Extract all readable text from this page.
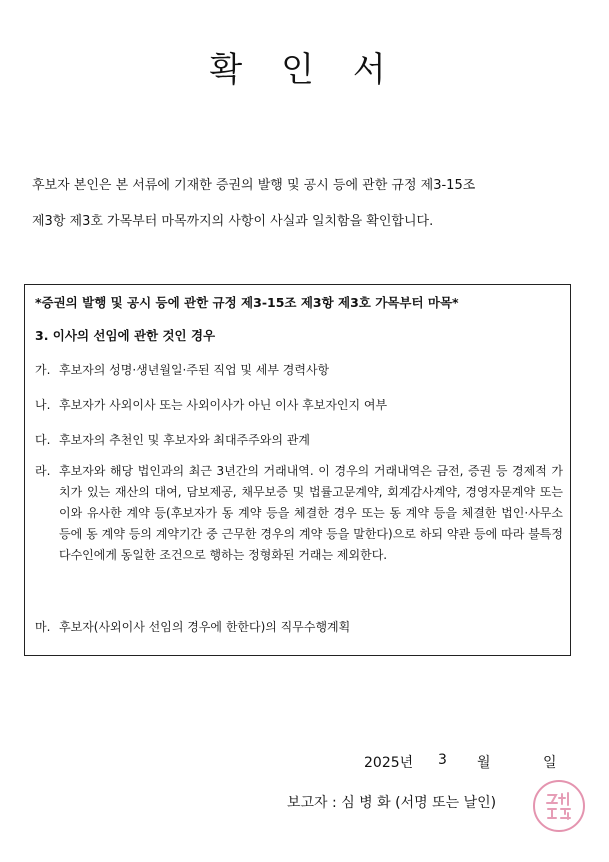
확 인 서
후보자 본인은 본 서류에 기재한 증권의 발행 및 공시 등에 관한 규정 제3-15조
제3항 제3호 가목부터 마목까지의 사항이 사실과 일치함을 확인합니다.
*증권의 발행 및 공시 등에 관한 규정 제3-15조 제3항 제3호 가목부터 마목*
3. 이사의 선임에 관한 것인 경우
가. 후보자의 성명·생년월일·주된 직업 및 세부 경력사항
나. 후보자가 사외이사 또는 사외이사가 아닌 이사 후보자인지 여부
다. 후보자의 추천인 및 후보자와 최대주주와의 관계
라. 후보자와 해당 법인과의 최근 3년간의 거래내역. 이 경우의 거래내역은 금전, 증권 등 경제적 가치가 있는 재산의 대여, 담보제공, 채무보증 및 법률고문계약, 회계감사계약, 경영자문계약 또는 이와 유사한 계약 등(후보자가 동 계약 등을 체결한 경우 또는 동 계약 등을 체결한 법인·사무소 등에 동 계약 등의 계약기간 중 근무한 경우의 계약 등을 말한다)으로 하되 약관 등에 따라 불특정다수인에게 동일한 조건으로 행하는 정형화된 거래는 제외한다.
마. 후보자(사외이사 선임의 경우에 한한다)의 직무수행계획
2025년 3 월	일
보고자 : 심 병 화 (서명 또는 날인)
